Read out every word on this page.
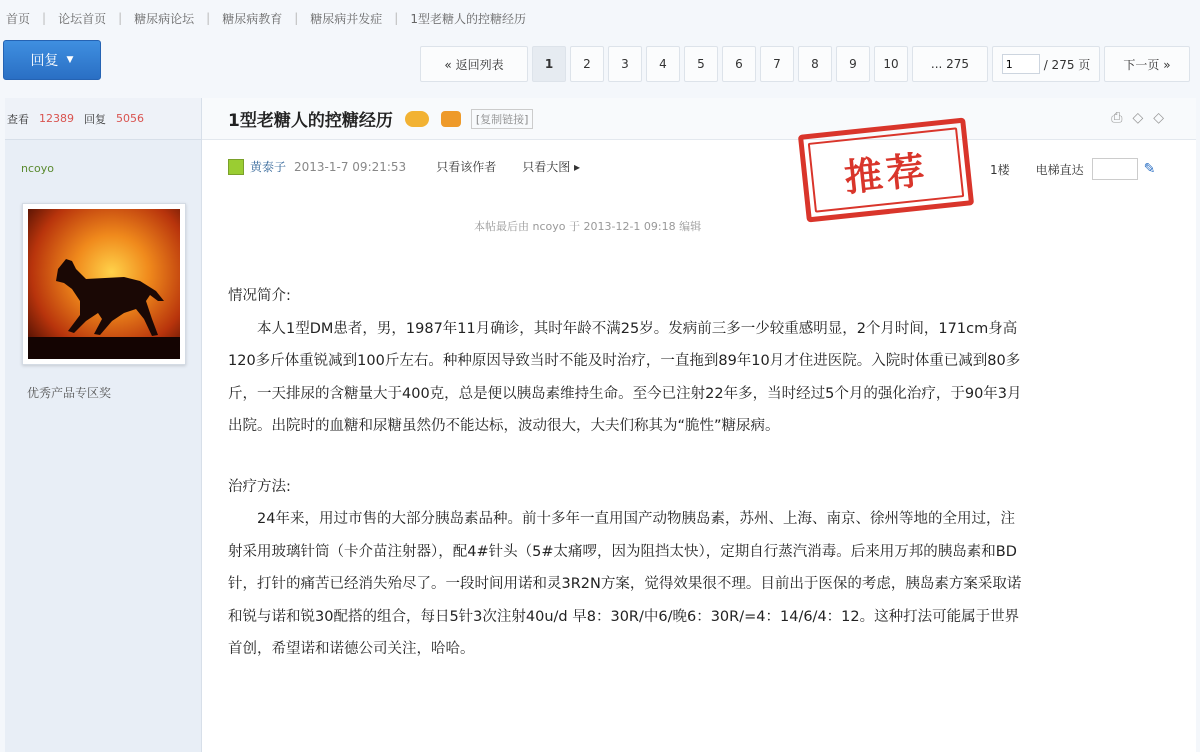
首页 | 论坛首页 | 糖尿病论坛 | 糖尿病教育 | 糖尿病并发症 | 1型老糖人的控糖经历
回复 ▼	« 返回列表	1	2	3	4	5	6	7	8	9	10	... 275
1	/ 275 页	下一页 »
查看 12389 回复 5056
ncoyo
优秀产品专区奖
1型老糖人的控糖经历	[复制链接]	⎙ ◇ ◇
黄泰子 2013-1-7 09:21:53	只看该作者 只看大图 ▸	1楼 电梯直达	✎
推荐
本帖最后由 ncoyo 于 2013-12-1 09:18 编辑
情况简介:
本人1型DM患者，男，1987年11月确诊，其时年龄不满25岁。发病前三多一少较重感明显，2个月时间，171cm身高120多斤体重锐减到100斤左右。种种原因导致当时不能及时治疗，一直拖到89年10月才住进医院。入院时体重已减到80多斤，一天排尿的含糖量大于400克，总是便以胰岛素维持生命。至今已注射22年多，当时经过5个月的强化治疗，于90年3月出院。出院时的血糖和尿糖虽然仍不能达标，波动很大，大夫们称其为“脆性”糖尿病。
治疗方法:
24年来，用过市售的大部分胰岛素品种。前十多年一直用国产动物胰岛素，苏州、上海、南京、徐州等地的全用过，注射采用玻璃针筒（卡介苗注射器），配4#针头（5#太痛啰，因为阻挡太快），定期自行蒸汽消毒。后来用万邦的胰岛素和BD针，打针的痛苦已经消失殆尽了。一段时间用诺和灵3R2N方案，觉得效果很不理。目前出于医保的考虑，胰岛素方案采取诺和锐与诺和锐30配搭的组合，每日5针3次注射40u/d 早8：30R/中6/晚6：30R/=4：14/6/4：12。这种打法可能属于世界首创，希望诺和诺德公司关注，哈哈。
